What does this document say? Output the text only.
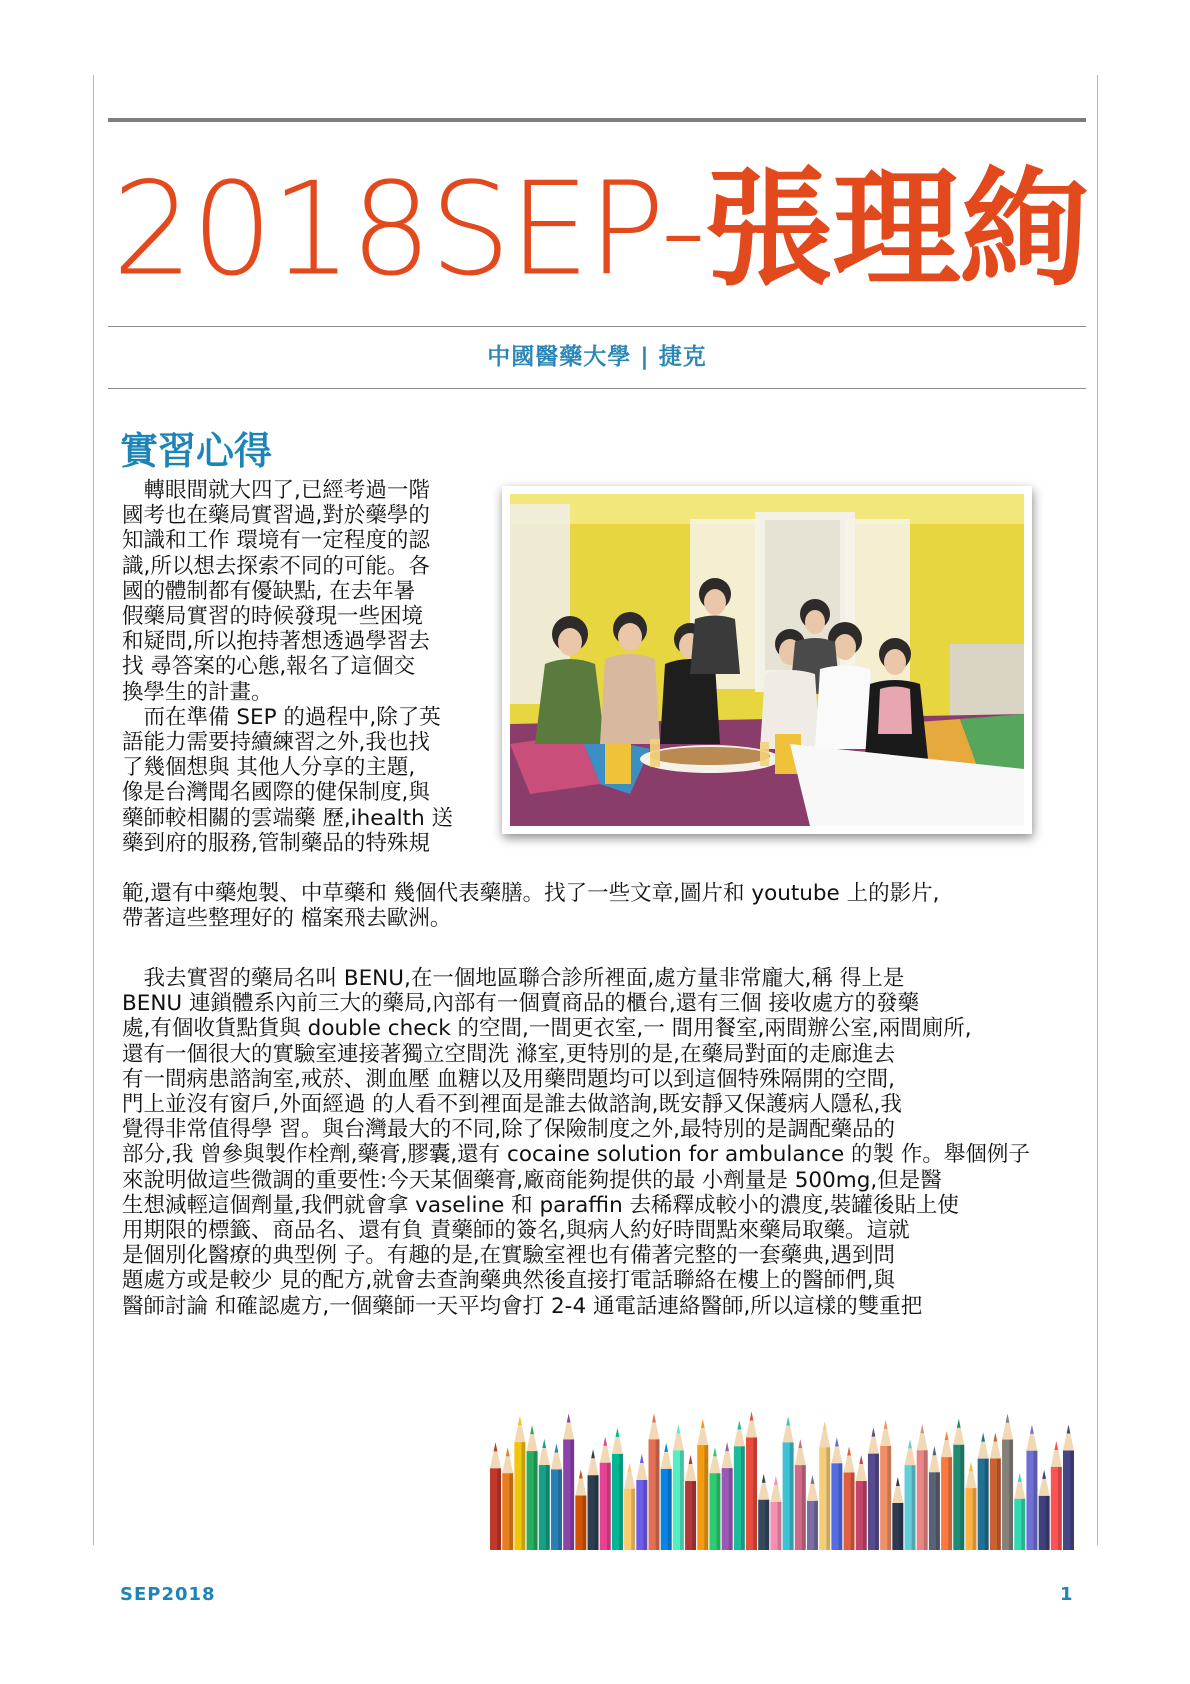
2018SEP-張理絢
中國醫藥大學 | 捷克
實習心得
　轉眼間就大四了,已經考過一階
國考也在藥局實習過,對於藥學的
知識和工作 環境有一定程度的認
識,所以想去探索不同的可能。各
國的體制都有優缺點, 在去年暑
假藥局實習的時候發現一些困境
和疑問,所以抱持著想透過學習去
找 尋答案的心態,報名了這個交
換學生的計畫。
　而在準備 SEP 的過程中,除了英
語能力需要持續練習之外,我也找
了幾個想與 其他人分享的主題,
像是台灣聞名國際的健保制度,與
藥師較相關的雲端藥 歷,ihealth 送
藥到府的服務,管制藥品的特殊規
範,還有中藥炮製、中草藥和 幾個代表藥膳。找了一些文章,圖片和 youtube 上的影片,
帶著這些整理好的 檔案飛去歐洲。
　我去實習的藥局名叫 BENU,在一個地區聯合診所裡面,處方量非常龐大,稱 得上是
BENU 連鎖體系內前三大的藥局,內部有一個賣商品的櫃台,還有三個 接收處方的發藥
處,有個收貨點貨與 double check 的空間,一間更衣室,一 間用餐室,兩間辦公室,兩間廁所,
還有一個很大的實驗室連接著獨立空間洗 滌室,更特別的是,在藥局對面的走廊進去
有一間病患諮詢室,戒菸、測血壓 血糖以及用藥問題均可以到這個特殊隔開的空間,
門上並沒有窗戶,外面經過 的人看不到裡面是誰去做諮詢,既安靜又保護病人隱私,我
覺得非常值得學 習。與台灣最大的不同,除了保險制度之外,最特別的是調配藥品的
部分,我 曾參與製作栓劑,藥膏,膠囊,還有 cocaine solution for ambulance 的製 作。舉個例子
來說明做這些微調的重要性:今天某個藥膏,廠商能夠提供的最 小劑量是 500mg,但是醫
生想減輕這個劑量,我們就會拿 vaseline 和 paraffin 去稀釋成較小的濃度,裝罐後貼上使
用期限的標籤、商品名、還有負 責藥師的簽名,與病人約好時間點來藥局取藥。這就
是個別化醫療的典型例 子。有趣的是,在實驗室裡也有備著完整的一套藥典,遇到問
題處方或是較少 見的配方,就會去查詢藥典然後直接打電話聯絡在樓上的醫師們,與
醫師討論 和確認處方,一個藥師一天平均會打 2-4 通電話連絡醫師,所以這樣的雙重把
SEP2018	1
